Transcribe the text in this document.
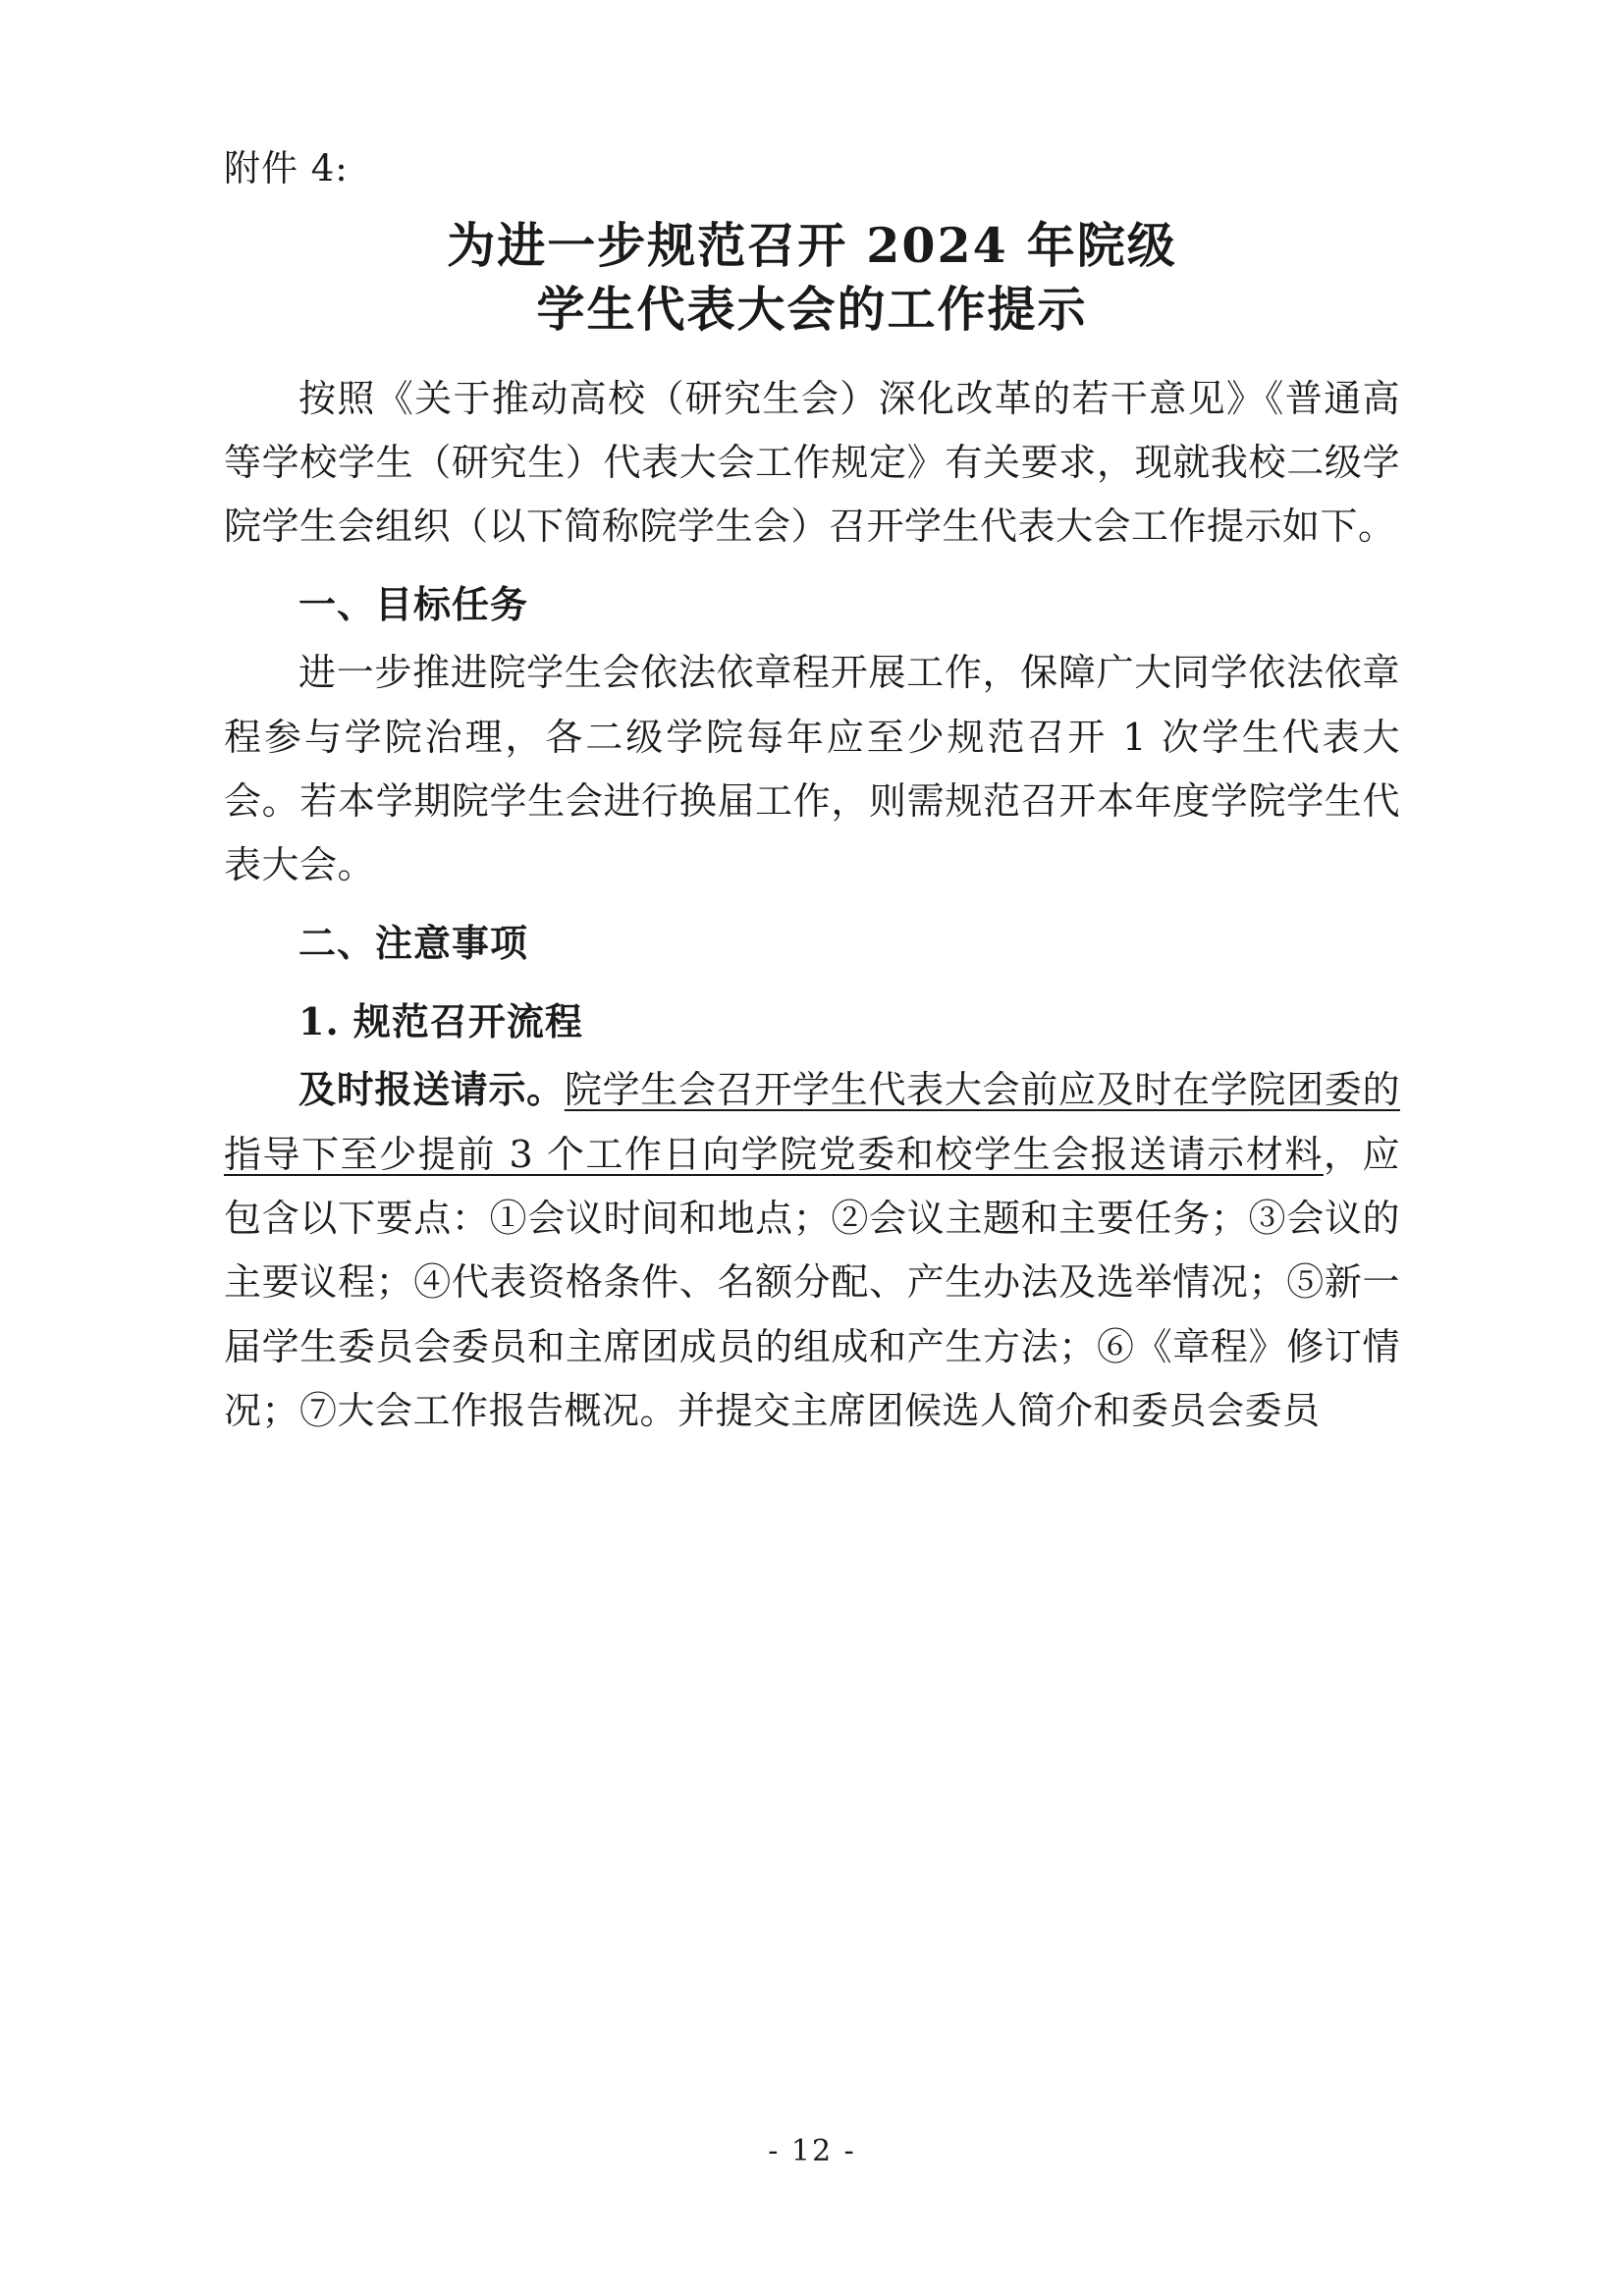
附件 4:
为进一步规范召开 2024 年院级
学生代表大会的工作提示

按照《关于推动高校（研究生会）深化改革的若干意见》《普通高等学校学生（研究生）代表大会工作规定》有关要求，现就我校二级学院学生会组织（以下简称院学生会）召开学生代表大会工作提示如下。

一、目标任务

进一步推进院学生会依法依章程开展工作，保障广大同学依法依章程参与学院治理，各二级学院每年应至少规范召开 1 次学生代表大会。若本学期院学生会进行换届工作，则需规范召开本年度学院学生代表大会。

二、注意事项
1. 规范召开流程

及时报送请示。院学生会召开学生代表大会前应及时在学院团委的指导下至少提前 3 个工作日向学院党委和校学生会报送请示材料，应包含以下要点：①会议时间和地点；②会议主题和主要任务；③会议的主要议程；④代表资格条件、名额分配、产生办法及选举情况；⑤新一届学生委员会委员和主席团成员的组成和产生方法；⑥《章程》修订情况；⑦大会工作报告概况。并提交主席团候选人简介和委员会委员

- 12 -
